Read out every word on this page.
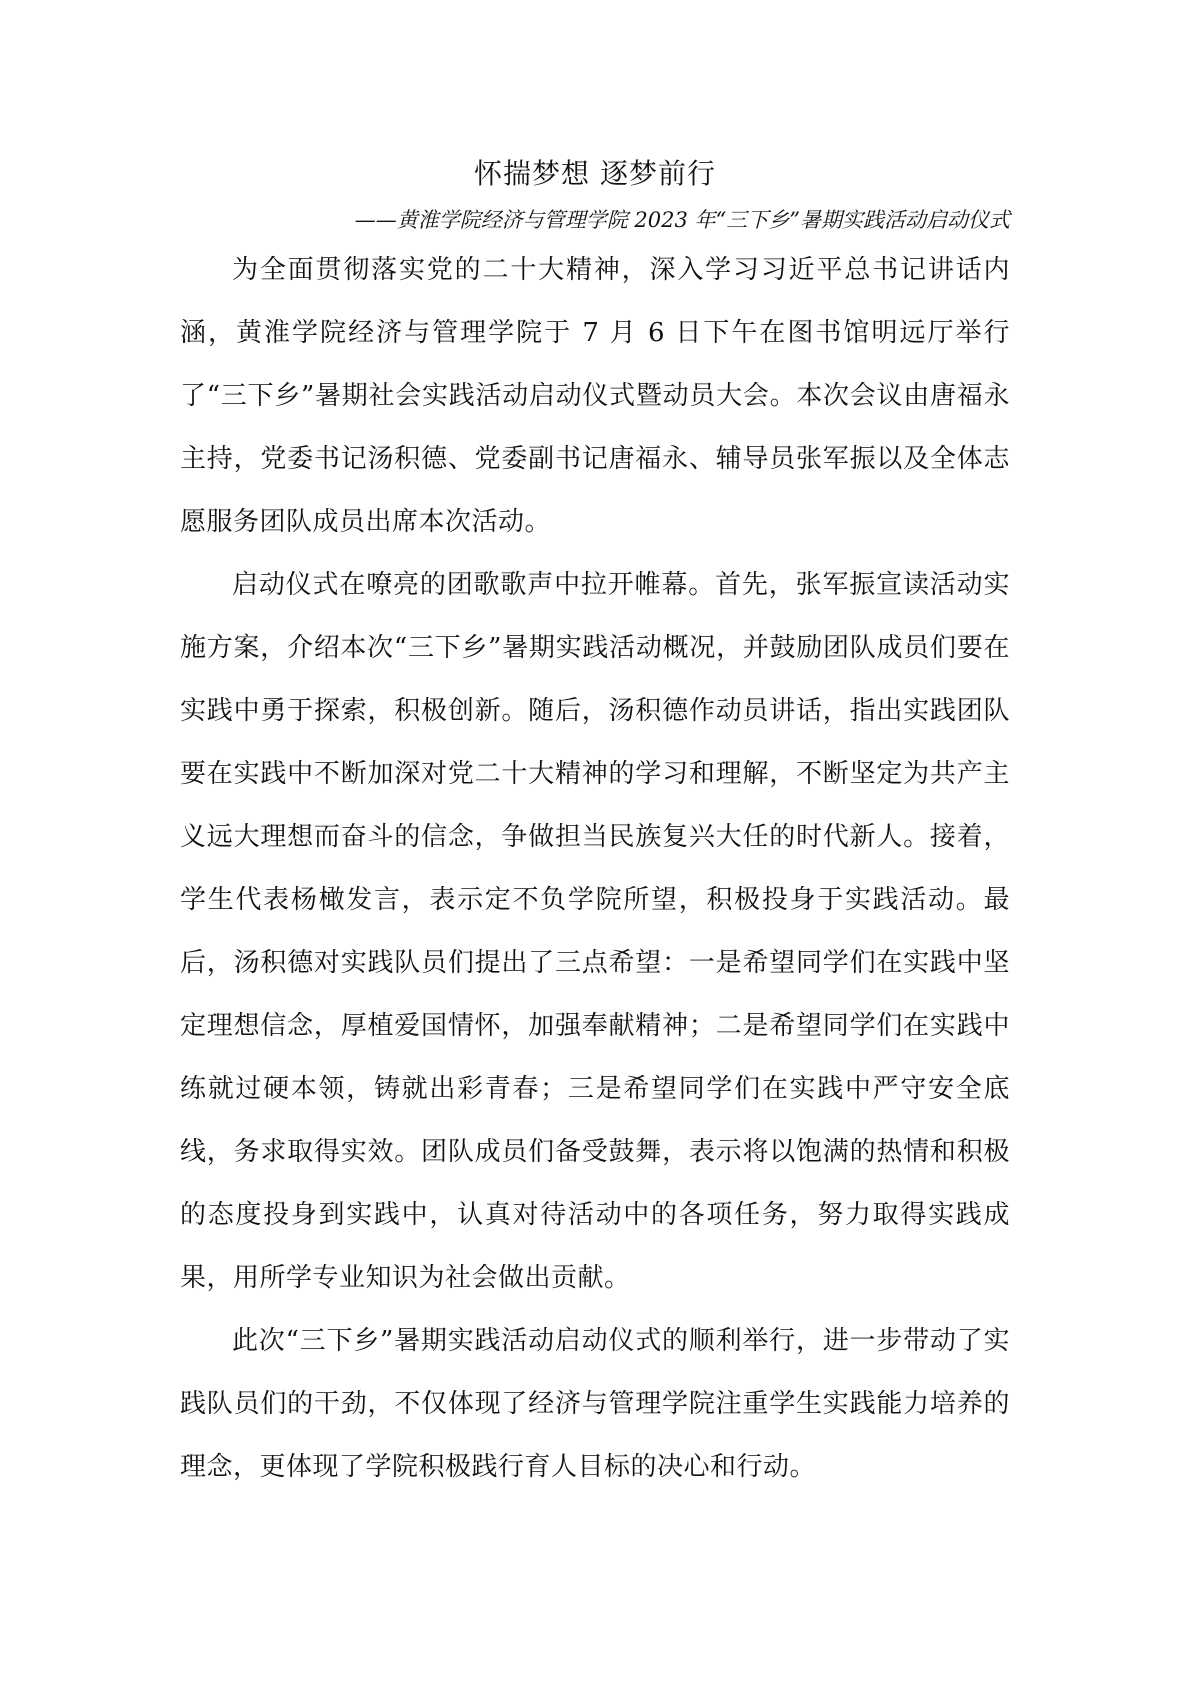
怀揣梦想 逐梦前行

——黄淮学院经济与管理学院 2023 年“三下乡”暑期实践活动启动仪式

为全面贯彻落实党的二十大精神，深入学习习近平总书记讲话内涵，黄淮学院经济与管理学院于 7 月 6 日下午在图书馆明远厅举行了“三下乡”暑期社会实践活动启动仪式暨动员大会。本次会议由唐福永主持，党委书记汤积德、党委副书记唐福永、辅导员张军振以及全体志愿服务团队成员出席本次活动。

启动仪式在嘹亮的团歌歌声中拉开帷幕。首先，张军振宣读活动实施方案，介绍本次“三下乡”暑期实践活动概况，并鼓励团队成员们要在实践中勇于探索，积极创新。随后，汤积德作动员讲话，指出实践团队要在实践中不断加深对党二十大精神的学习和理解，不断坚定为共产主义远大理想而奋斗的信念，争做担当民族复兴大任的时代新人。接着，学生代表杨橄发言，表示定不负学院所望，积极投身于实践活动。最后，汤积德对实践队员们提出了三点希望：一是希望同学们在实践中坚定理想信念，厚植爱国情怀，加强奉献精神；二是希望同学们在实践中练就过硬本领，铸就出彩青春；三是希望同学们在实践中严守安全底线，务求取得实效。团队成员们备受鼓舞，表示将以饱满的热情和积极的态度投身到实践中，认真对待活动中的各项任务，努力取得实践成果，用所学专业知识为社会做出贡献。

此次“三下乡”暑期实践活动启动仪式的顺利举行，进一步带动了实践队员们的干劲，不仅体现了经济与管理学院注重学生实践能力培养的理念，更体现了学院积极践行育人目标的决心和行动。
